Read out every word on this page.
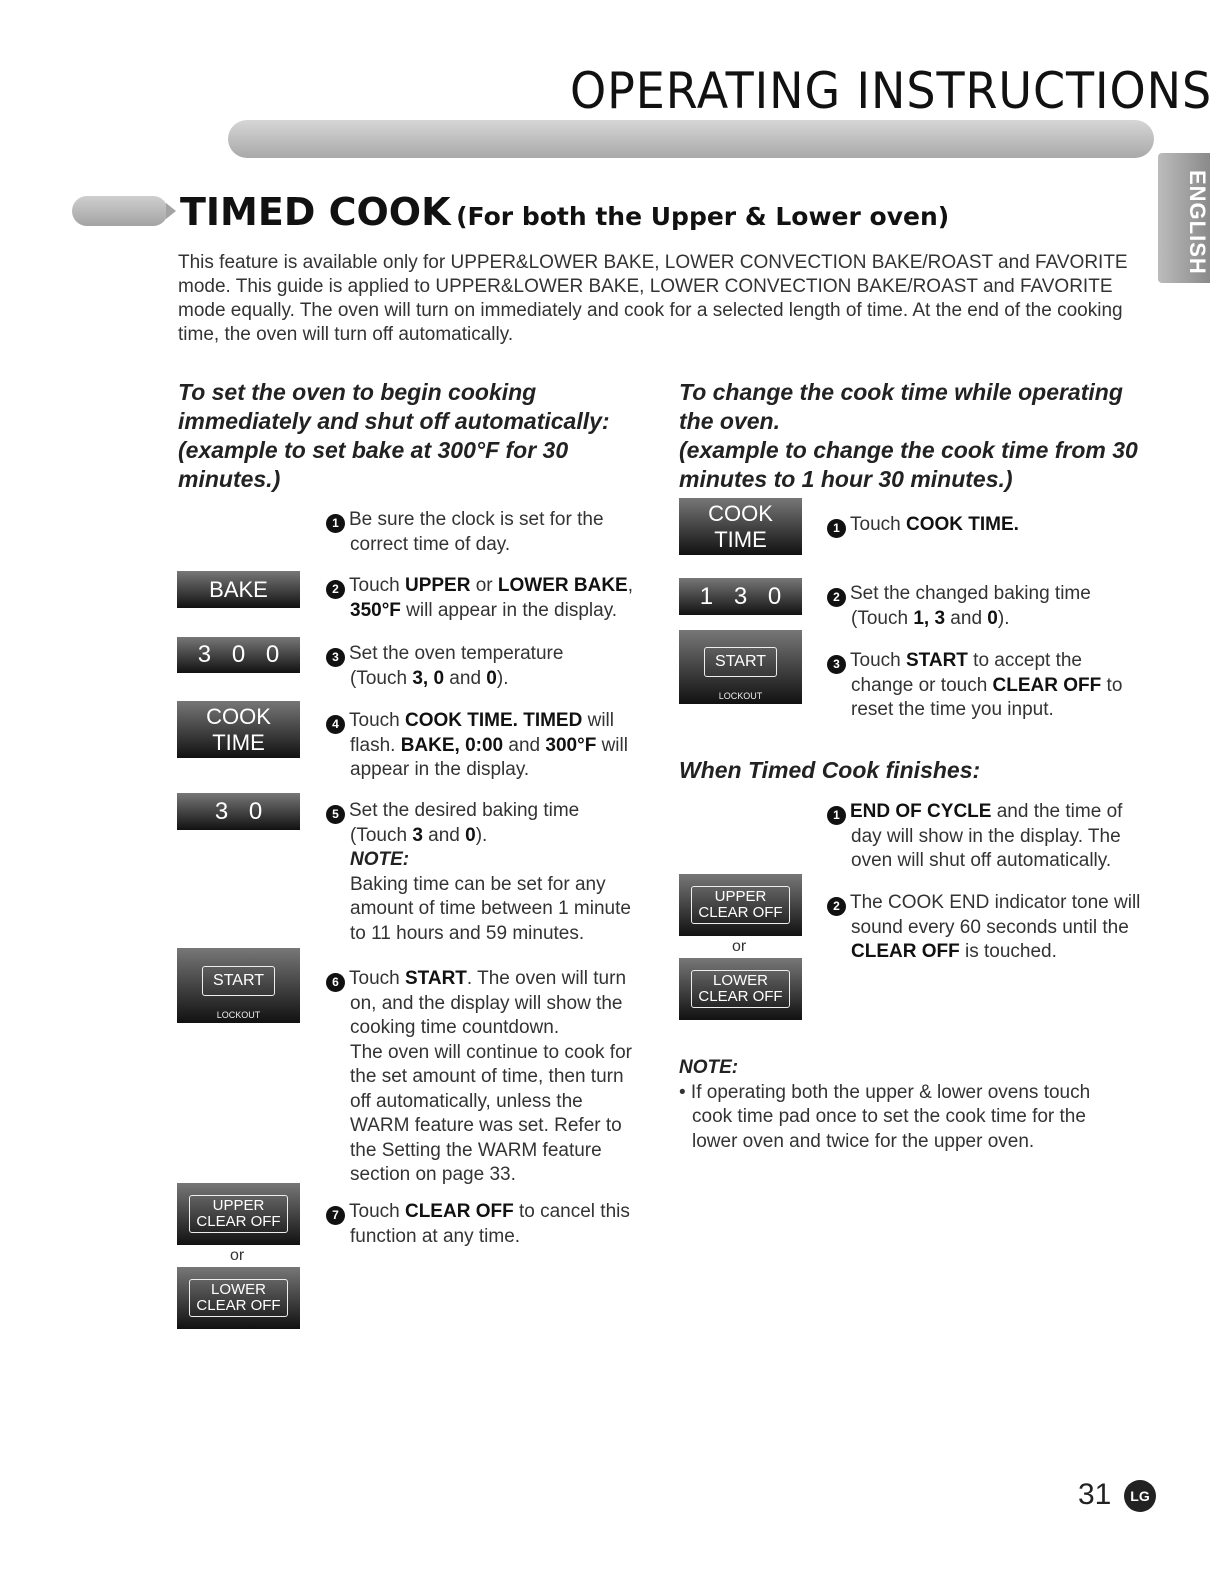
OPERATING INSTRUCTIONS
ENGLISH
TIMED COOK (For both the Upper & Lower oven)
This feature is available only for UPPER&LOWER BAKE, LOWER CONVECTION BAKE/ROAST and FAVORITE mode. This guide is applied to UPPER&LOWER BAKE, LOWER CONVECTION BAKE/ROAST and FAVORITE mode equally. The oven will turn on immediately and cook for a selected length of time. At the end of the cooking time, the oven will turn off automatically.
To set the oven to begin cooking
immediately and shut off automatically:
(example to set bake at 300°F for 30
minutes.)
BAKE
3 0 0
COOK
TIME
3 0
START
LOCKOUT
UPPER
CLEAR OFF
or
LOWER
CLEAR OFF
1 Be sure the clock is set for the
correct time of day.
2 Touch UPPER or LOWER BAKE,
350°F will appear in the display.
3 Set the oven temperature
(Touch 3, 0 and 0).
4 Touch COOK TIME. TIMED will
flash. BAKE, 0:00 and 300°F will
appear in the display.
5 Set the desired baking time
(Touch 3 and 0).
NOTE:
Baking time can be set for any
amount of time between 1 minute
to 11 hours and 59 minutes.
6 Touch START. The oven will turn
on, and the display will show the
cooking time countdown.
The oven will continue to cook for
the set amount of time, then turn
off automatically, unless the
WARM feature was set. Refer to
the Setting the WARM feature
section on page 33.
7 Touch CLEAR OFF to cancel this
function at any time.
To change the cook time while operating
the oven.
(example to change the cook time from 30
minutes to 1 hour 30 minutes.)
COOK
TIME
1 3 0
START
LOCKOUT
UPPER
CLEAR OFF
or
LOWER
CLEAR OFF
1 Touch COOK TIME.
2 Set the changed baking time
(Touch 1, 3 and 0).
3 Touch START to accept the
change or touch CLEAR OFF to
reset the time you input.
When Timed Cook finishes:
1 END OF CYCLE and the time of
day will show in the display. The
oven will shut off automatically.
2 The COOK END indicator tone will
sound every 60 seconds until the
CLEAR OFF is touched.
NOTE:
• If operating both the upper & lower ovens touch
cook time pad once to set the cook time for the
lower oven and twice for the upper oven.
31	LG
